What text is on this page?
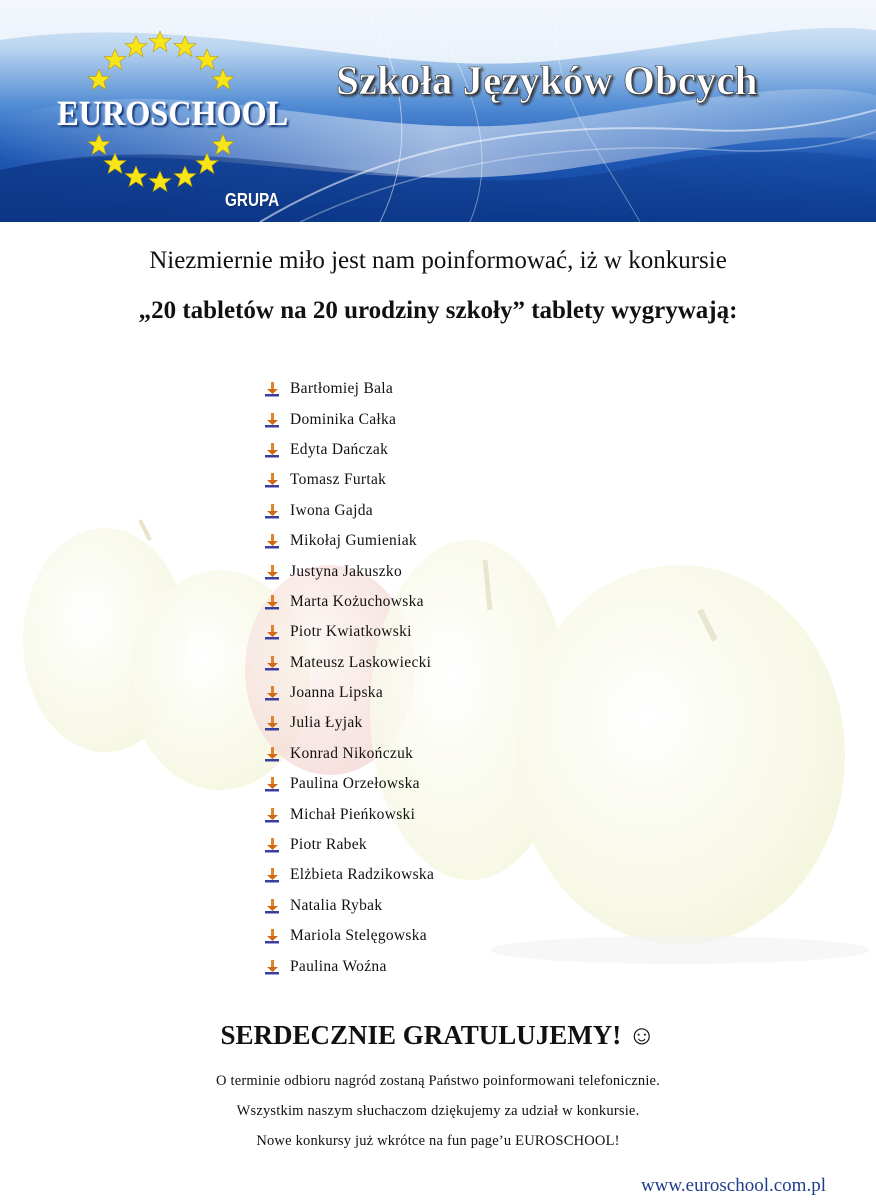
EUROSCHOOL
GRUPA
Szkoła Języków Obcych
Niezmiernie miło jest nam poinformować, iż w konkursie
„20 tabletów na 20 urodziny szkoły” tablety wygrywają:
Bartłomiej Bala
Dominika Całka
Edyta Dańczak
Tomasz Furtak
Iwona Gajda
Mikołaj Gumieniak
Justyna Jakuszko
Marta Kożuchowska
Piotr Kwiatkowski
Mateusz Laskowiecki
Joanna Lipska
Julia Łyjak
Konrad Nikończuk
Paulina Orzełowska
Michał Pieńkowski
Piotr Rabek
Elżbieta Radzikowska
Natalia Rybak
Mariola Stelęgowska
Paulina Woźna
SERDECZNIE GRATULUJEMY! ☺
O terminie odbioru nagród zostaną Państwo poinformowani telefonicznie.
Wszystkim naszym słuchaczom dziękujemy za udział w konkursie.
Nowe konkursy już wkrótce na fun page’u EUROSCHOOL!
www.euroschool.com.pl
